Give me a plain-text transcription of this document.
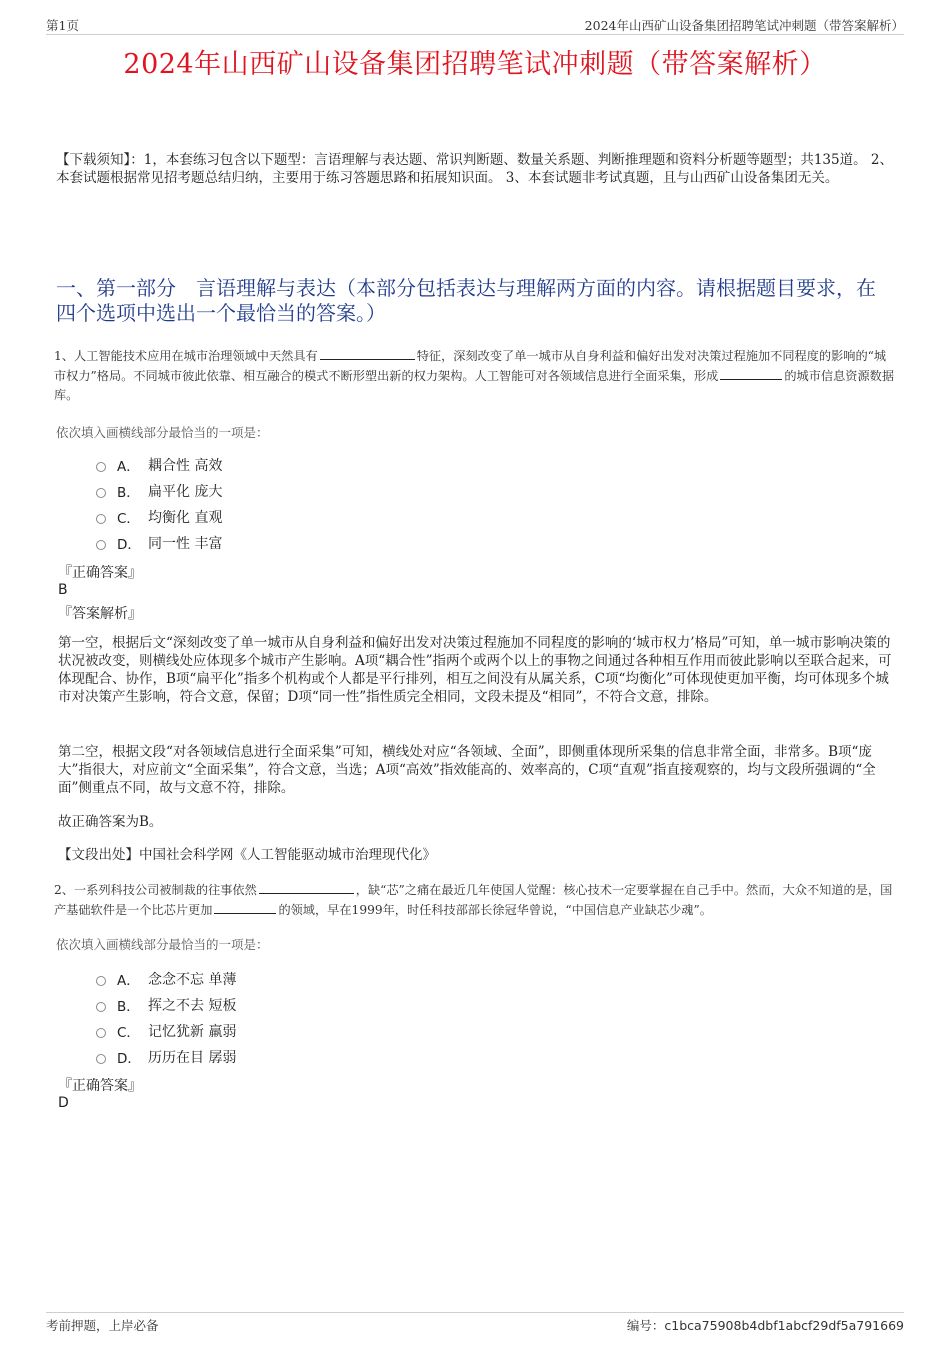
第1页	2024年山西矿山设备集团招聘笔试冲刺题（带答案解析）
2024年山西矿山设备集团招聘笔试冲刺题（带答案解析）
【下载须知】：1，本套练习包含以下题型：言语理解与表达题、常识判断题、数量关系题、判断推理题和资料分析题等题型；共135道。 2、本套试题根据常见招考题总结归纳，主要用于练习答题思路和拓展知识面。 3、本套试题非考试真题，且与山西矿山设备集团无关。
一、第一部分　言语理解与表达（本部分包括表达与理解两方面的内容。请根据题目要求，在四个选项中选出一个最恰当的答案。）
1、人工智能技术应用在城市治理领域中天然具有	特征，深刻改变了单一城市从自身利益和偏好出发对决策过程施加不同程度的影响的“城市权力”格局。不同城市彼此依靠、相互融合的模式不断形塑出新的权力架构。人工智能可对各领域信息进行全面采集，形成	的城市信息资源数据库。
依次填入画横线部分最恰当的一项是：
A． 耦合性 高效
B． 扁平化 庞大
C． 均衡化 直观
D． 同一性 丰富
『正确答案』
B
『答案解析』
第一空，根据后文“深刻改变了单一城市从自身利益和偏好出发对决策过程施加不同程度的影响的‘城市权力’格局”可知，单一城市影响决策的状况被改变，则横线处应体现多个城市产生影响。A项“耦合性”指两个或两个以上的事物之间通过各种相互作用而彼此影响以至联合起来，可体现配合、协作，B项“扁平化”指多个机构或个人都是平行排列，相互之间没有从属关系，C项“均衡化”可体现使更加平衡，均可体现多个城市对决策产生影响，符合文意，保留；D项“同一性”指性质完全相同，文段未提及“相同”，不符合文意，排除。
第二空，根据文段“对各领域信息进行全面采集”可知，横线处对应“各领域、全面”，即侧重体现所采集的信息非常全面，非常多。B项“庞大”指很大，对应前文“全面采集”，符合文意，当选；A项“高效”指效能高的、效率高的，C项“直观”指直接观察的，均与文段所强调的“全面”侧重点不同，故与文意不符，排除。
故正确答案为B。
【文段出处】中国社会科学网《人工智能驱动城市治理现代化》
2、一系列科技公司被制裁的往事依然	，缺“芯”之痛在最近几年使国人觉醒：核心技术一定要掌握在自己手中。然而，大众不知道的是，国产基础软件是一个比芯片更加	的领域，早在1999年，时任科技部部长徐冠华曾说，“中国信息产业缺芯少魂”。
依次填入画横线部分最恰当的一项是：
A． 念念不忘 单薄
B． 挥之不去 短板
C． 记忆犹新 羸弱
D． 历历在目 孱弱
『正确答案』
D
考前押题，上岸必备	编号：c1bca75908b4dbf1abcf29df5a791669
